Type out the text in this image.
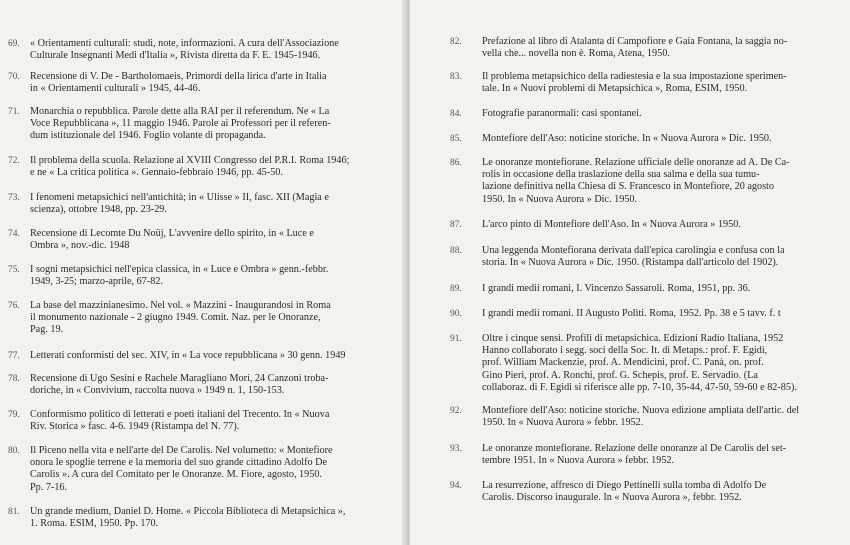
69. « Orientamenti culturali: studi, note, informazioni. A cura dell'Associazione
Culturale Insegnanti Medi d'Italia », Rivista diretta da F. E. 1945-1946.
70. Recensione di V. De - Bartholomaeis, Primordi della lirica d'arte in Italia
in « Orientamenti culturali » 1945, 44-46.
71. Monarchia o repubblica. Parole dette alla RAI per il referendum. Ne « La
Voce Repubblicana », 11 maggio 1946. Parole ai Professori per il referen-
dum istituzionale del 1946. Foglio volante di propaganda.
72. Il problema della scuola. Relazione al XVIII Congresso del P.R.I. Roma 1946;
e ne « La critica politica ». Gennaio-febbraio 1946, pp. 45-50.
73. I fenomeni metapsichici nell'antichità; in « Ulisse » II, fasc. XII (Magia e
scienza), ottobre 1948, pp. 23-29.
74. Recensione di Lecomte Du Noüj, L'avvenire dello spirito, in « Luce e
Ombra », nov.-dic. 1948
75. I sogni metapsichici nell'epica classica, in « Luce e Ombra » genn.-febbr.
1949, 3-25; marzo-aprile, 67-82.
76. La base del mazzinianesimo. Nel vol. « Mazzini - Inaugurandosi in Roma
il monumento nazionale - 2 giugno 1949. Comit. Naz. per le Onoranze,
Pag. 19.
77. Letterati conformisti del sec. XIV, in « La voce repubblicana » 30 genn. 1949
78. Recensione di Ugo Sesini e Rachele Maragliano Mori, 24 Canzoni troba-
doriche, in « Convivium, raccolta nuova » 1949 n. 1, 150-153.
79. Conformismo politico di letterati e poeti italiani del Trecento. In « Nuova
Riv. Storica » fasc. 4-6. 1949 (Ristampa del N. 77).
80. Il Piceno nella vita e nell'arte del De Carolis. Nel volumetto: « Montefiore
onora le spoglie terrene e la memoria del suo grande cittadino Adolfo De
Carolis ». A cura del Comitato per le Onoranze. M. Fiore, agosto, 1950.
Pp. 7-16.
81. Un grande medium, Daniel D. Home. « Piccola Biblioteca di Metapsichica »,
1. Roma. ESIM, 1950. Pp. 170.
82. Prefazione al libro di Atalanta di Campofiore e Gaia Fontana, la saggia no-
vella che... novella non è. Roma, Atena, 1950.
83. Il problema metapsichico della radiestesia e la sua impostazione sperimen-
tale. In « Nuovi problemi di Metapsichica », Roma, ESIM, 1950.
84. Fotografie paranormali: casi spontanei.
85. Montefiore dell'Aso: noticine storiche. In « Nuova Aurora » Dic. 1950.
86. Le onoranze montefiorane. Relazione ufficiale delle onoranze ad A. De Ca-
rolis in occasione della traslazione della sua salma e della sua tumu-
lazione definitiva nella Chiesa di S. Francesco in Montefiore, 20 agosto
1950. In « Nuova Aurora » Dic. 1950.
87. L'arco pinto di Montefiore dell'Aso. In « Nuova Aurora » 1950.
88. Una leggenda Montefiorana derivata dall'epica carolingia e confusa con la
storia. In « Nuova Aurora » Dic. 1950. (Ristampa dall'articolo del 1902).
89. I grandi medii romani, I. Vincenzo Sassaroli. Roma, 1951, pp. 36.
90. I grandi medii romani. II Augusto Politi. Roma, 1952. Pp. 38 e 5 tavv. f. t
91. Oltre i cinque sensi. Profili di metapsichica. Edizioni Radio Italiana, 1952
Hanno collaborato i segg. soci della Soc. It. di Metaps.: prof. F. Egidi,
prof. William Mackenzie, prof. A. Mendicini, prof. C. Panà, on. prof.
Gino Pieri, prof. A. Ronchi, prof. G. Schepis, prof. E. Servadio. (La
collaboraz. di F. Egidi si riferisce alle pp. 7-10, 35-44, 47-50, 59-60 e 82-85).
92. Montefiore dell'Aso: noticine storiche. Nuova edizione ampliata dell'artic. del
1950. In « Nuova Aurora » febbr. 1952.
93. Le onoranze montefiorane. Relazione delle onoranze al De Carolis del set-
tembre 1951. In « Nuova Aurora » febbr. 1952.
94. La resurrezione, affresco di Diego Pettinelli sulla tomba di Adolfo De
Carolis. Discorso inaugurale. In « Nuova Aurora », febbr. 1952.
